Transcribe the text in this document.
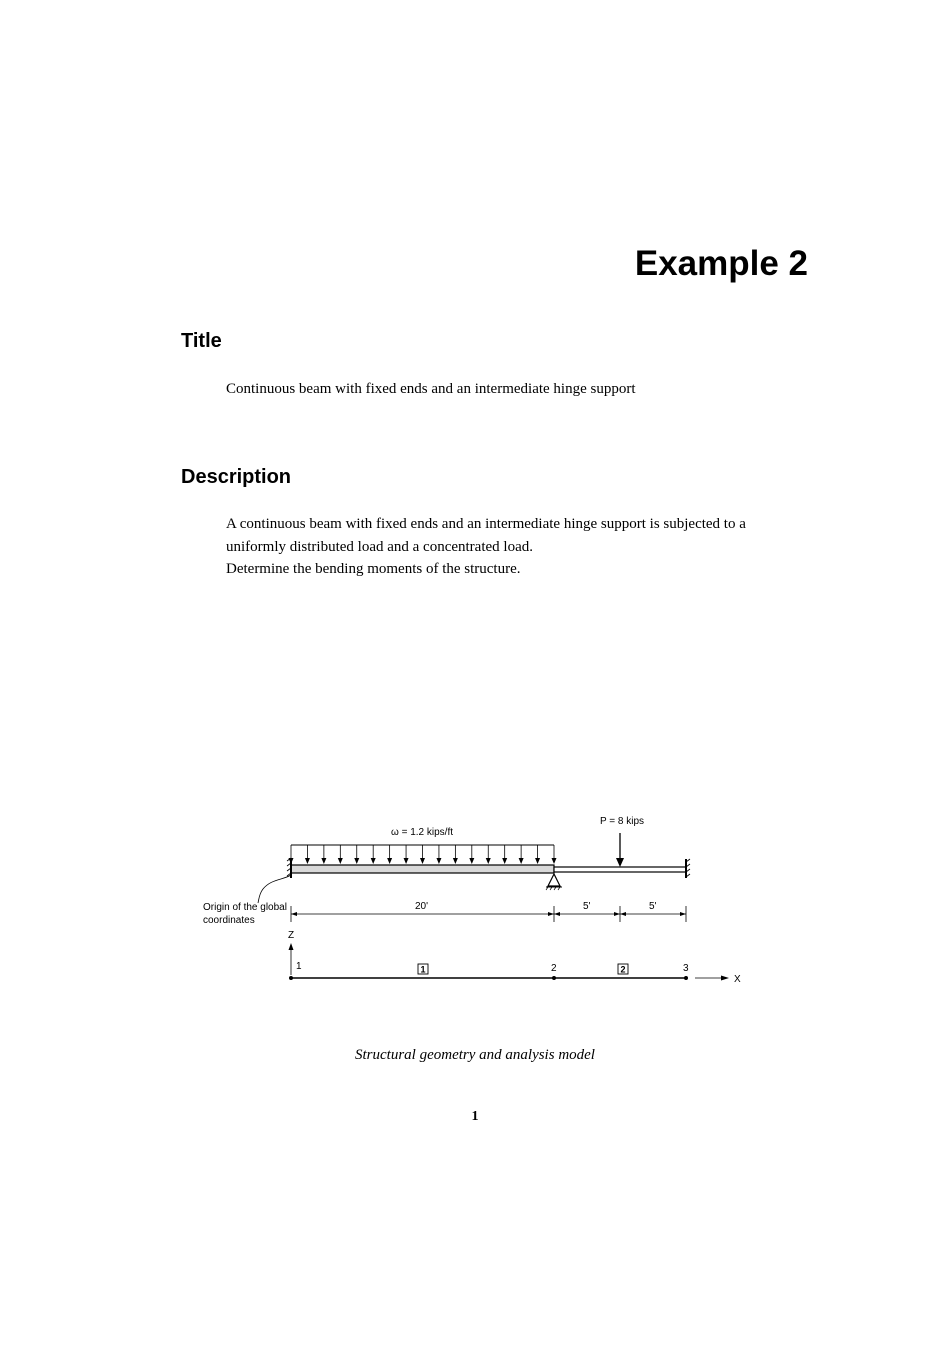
Example 2
Title

Continuous beam with fixed ends and an intermediate hinge support

Description
A continuous beam with fixed ends and an intermediate hinge support is subjected to a
uniformly distributed load and a concentrated load.
Determine the bending moments of the structure.
ω = 1.2 kips/ft
P = 8 kips
Origin of the global
coordinates
20'	5'	5'
Z
X
1	2	3
1	2

Structural geometry and analysis model

1
